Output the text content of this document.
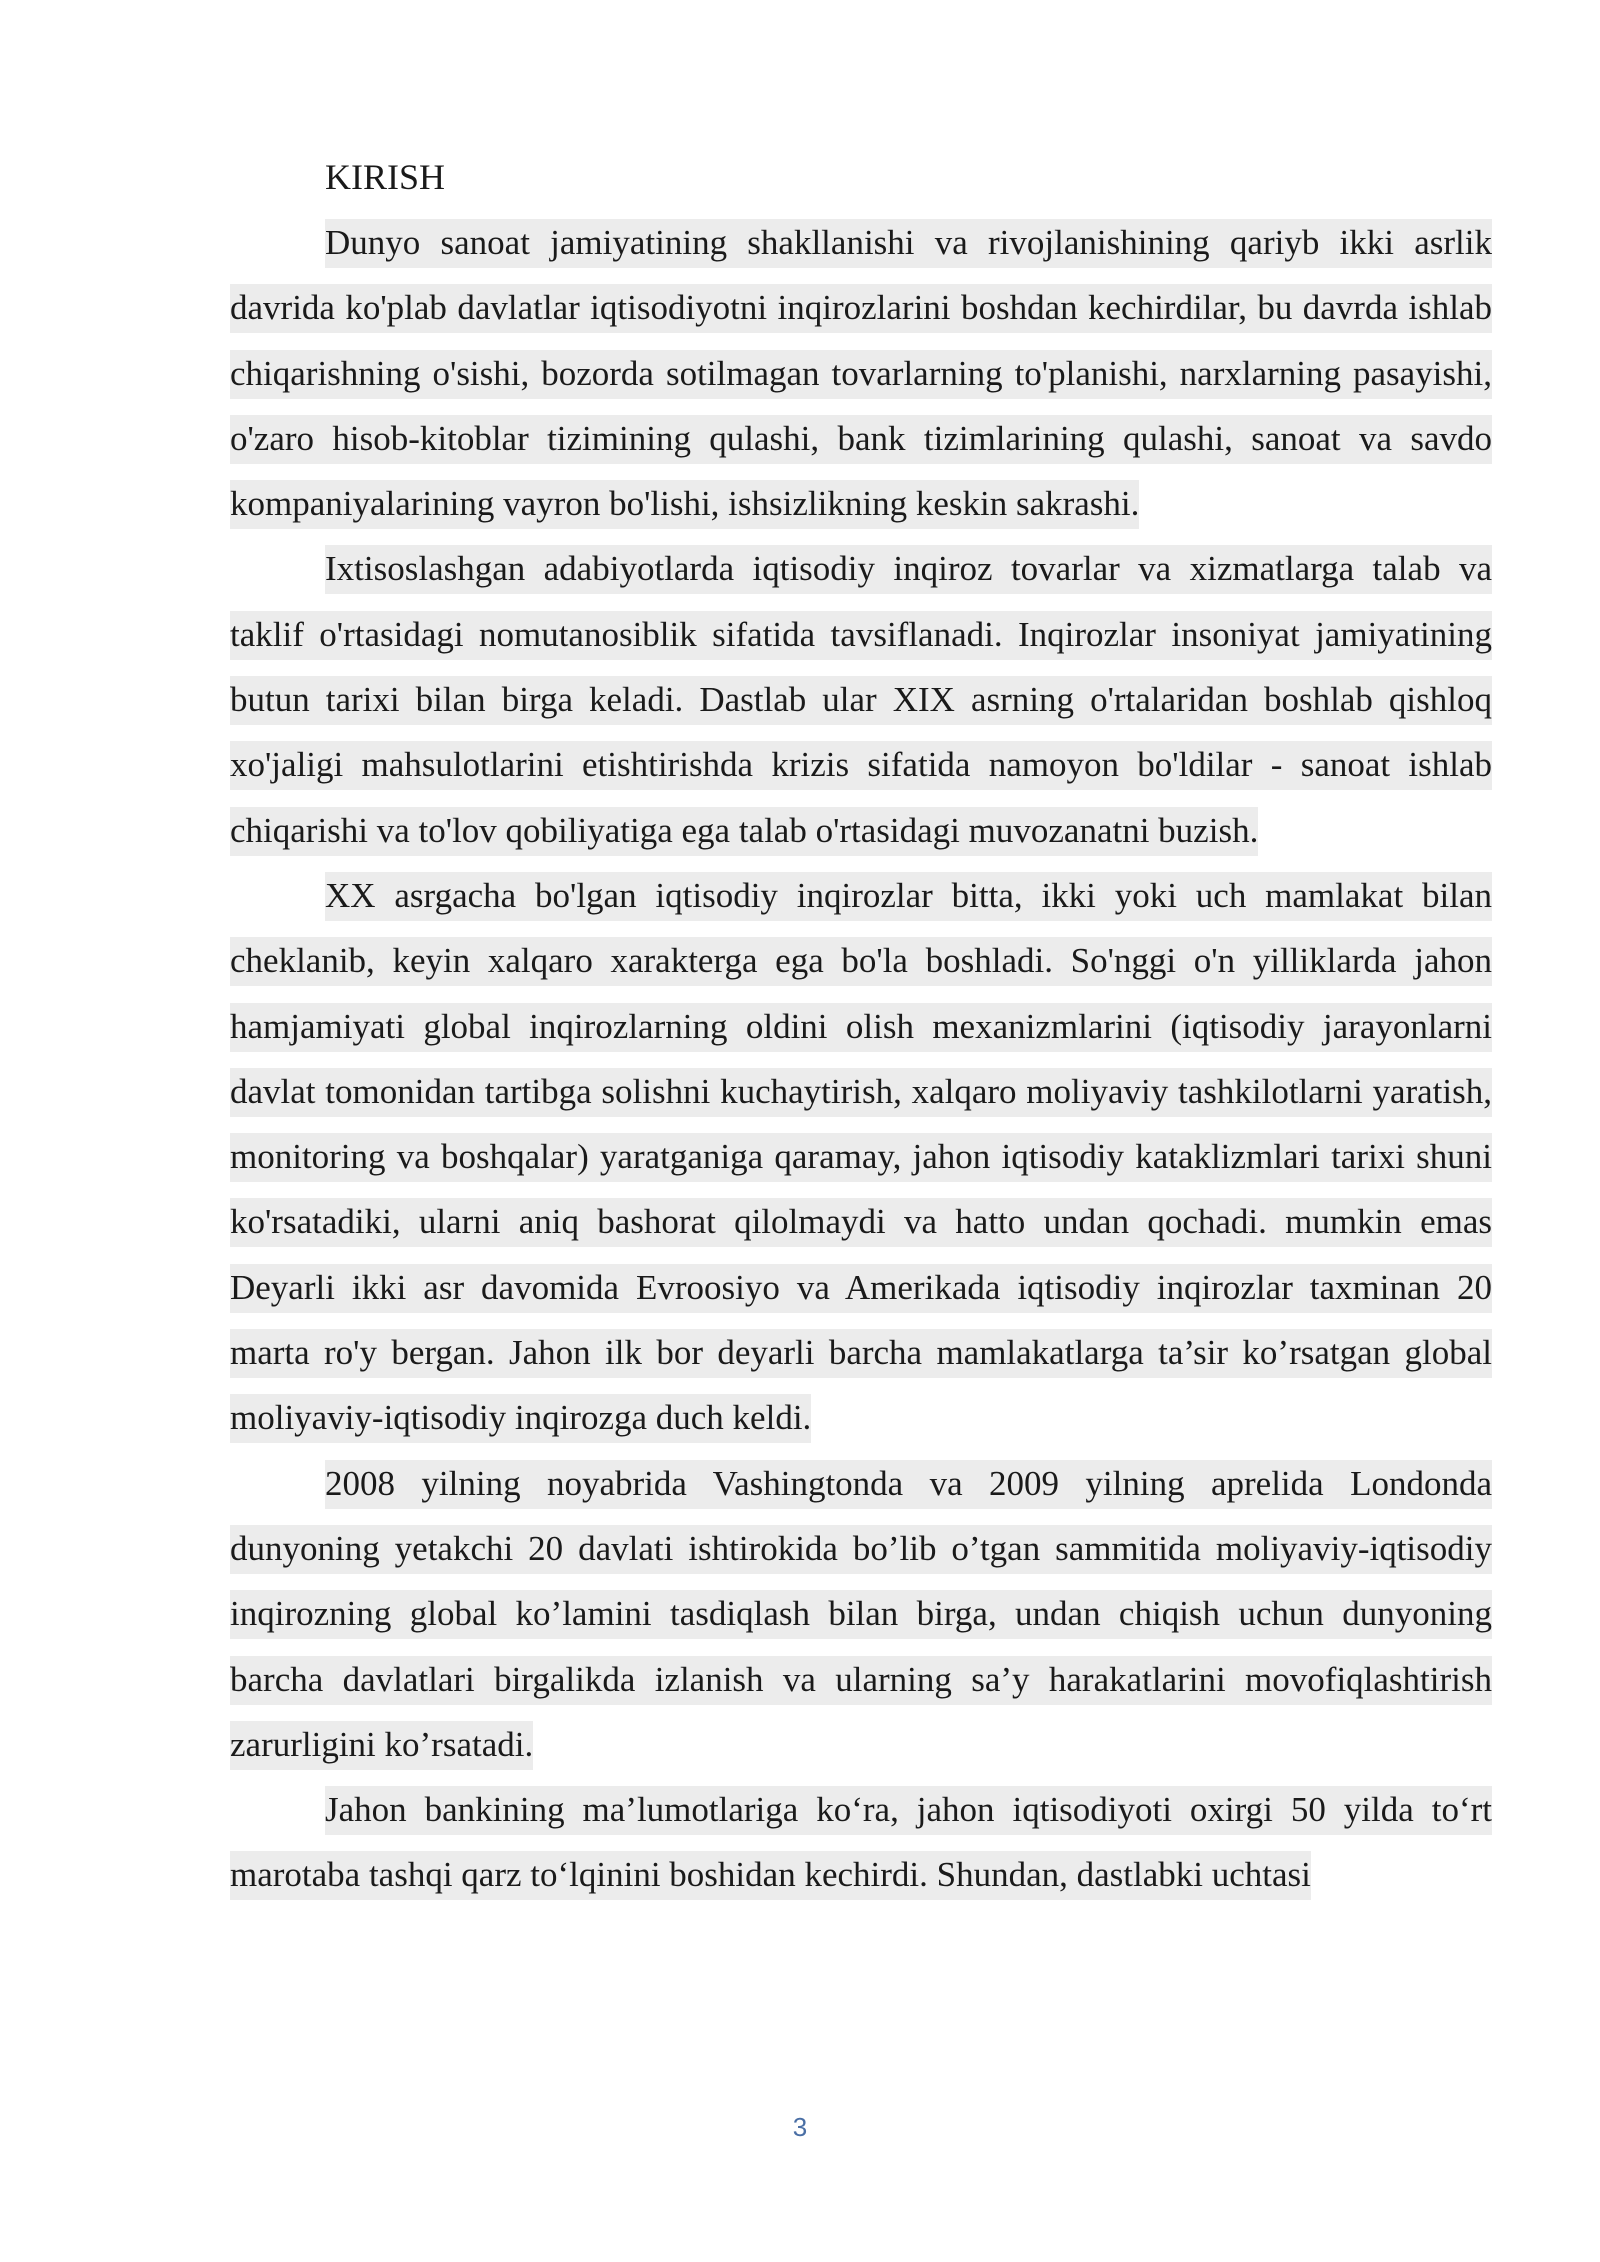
KIRISH

Dunyo sanoat jamiyatining shakllanishi va rivojlanishining qariyb ikki asrlik davrida ko'plab davlatlar iqtisodiyotni inqirozlarini boshdan kechirdilar, bu davrda ishlab chiqarishning o'sishi, bozorda sotilmagan tovarlarning to'planishi, narxlarning pasayishi, o'zaro hisob-kitoblar tizimining qulashi, bank tizimlarining qulashi, sanoat va savdo kompaniyalarining vayron bo'lishi, ishsizlikning keskin sakrashi.

Ixtisoslashgan adabiyotlarda iqtisodiy inqiroz tovarlar va xizmatlarga talab va taklif o'rtasidagi nomutanosiblik sifatida tavsiflanadi. Inqirozlar insoniyat jamiyatining butun tarixi bilan birga keladi. Dastlab ular XIX asrning o'rtalaridan boshlab qishloq xo'jaligi mahsulotlarini etishtirishda krizis sifatida namoyon bo'ldilar - sanoat ishlab chiqarishi va to'lov qobiliyatiga ega talab o'rtasidagi muvozanatni buzish.

XX asrgacha bo'lgan iqtisodiy inqirozlar bitta, ikki yoki uch mamlakat bilan cheklanib, keyin xalqaro xarakterga ega bo'la boshladi. So'nggi o'n yilliklarda jahon hamjamiyati global inqirozlarning oldini olish mexanizmlarini (iqtisodiy jarayonlarni davlat tomonidan tartibga solishni kuchaytirish, xalqaro moliyaviy tashkilotlarni yaratish, monitoring va boshqalar) yaratganiga qaramay, jahon iqtisodiy kataklizmlari tarixi shuni ko'rsatadiki, ularni aniq bashorat qilolmaydi va hatto undan qochadi. mumkin emas Deyarli ikki asr davomida Evroosiyo va Amerikada iqtisodiy inqirozlar taxminan 20 marta ro'y bergan. Jahon ilk bor deyarli barcha mamlakatlarga ta’sir ko’rsatgan global moliyaviy-iqtisodiy inqirozga duch keldi.

2008 yilning noyabrida Vashingtonda va 2009 yilning aprelida Londonda dunyoning yetakchi 20 davlati ishtirokida bo’lib o’tgan sammitida moliyaviy-iqtisodiy inqirozning global ko’lamini tasdiqlash bilan birga, undan chiqish uchun dunyoning barcha davlatlari birgalikda izlanish va ularning sa’y harakatlarini movofiqlashtirish zarurligini ko’rsatadi.

Jahon bankining ma’lumotlariga ko‘ra, jahon iqtisodiyoti oxirgi 50 yilda to‘rt marotaba tashqi qarz to‘lqinini boshidan kechirdi. Shundan, dastlabki uchtasi

3
